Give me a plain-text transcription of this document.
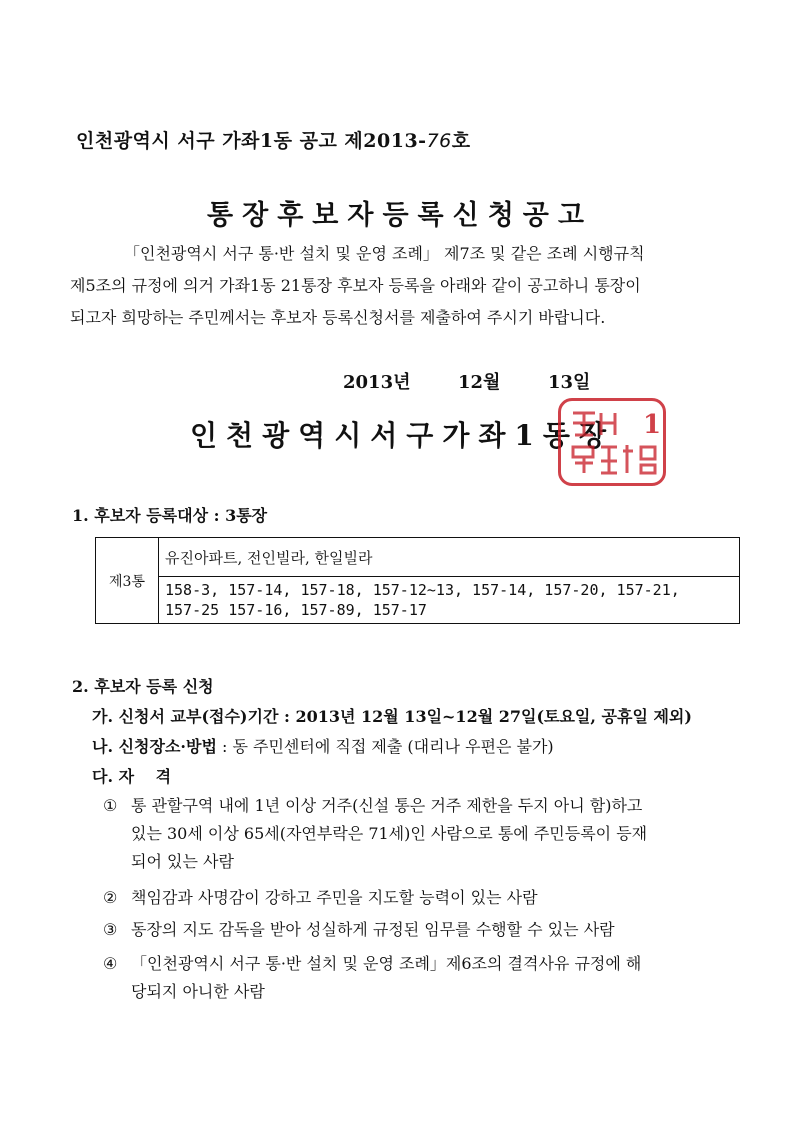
인천광역시 서구 가좌1동 공고 제2013-76호
통장후보자등록신청공고
「인천광역시 서구 통·반 설치 및 운영 조례」 제7조 및 같은 조례 시행규칙
제5조의 규정에 의거 가좌1동 21통장 후보자 등록을 아래와 같이 공고하니 통장이
되고자 희망하는 주민께서는 후보자 등록신청서를 제출하여 주시기 바랍니다.
2013년	12월	13일
인천광역시서구가좌1동장 1
1. 후보자 등록대상 : 3통장
제3통	유진아파트, 전인빌라, 한일빌라
158-3, 157-14, 157-18, 157-12~13, 157-14, 157-20, 157-21,
157-25 157-16, 157-89, 157-17
2. 후보자 등록 신청
가. 신청서 교부(접수)기간 : 2013년 12월 13일~12월 27일(토요일, 공휴일 제외)
나. 신청장소·방법 : 동 주민센터에 직접 제출 (대리나 우편은 불가)
다. 자　 격
① 통 관할구역 내에 1년 이상 거주(신설 통은 거주 제한을 두지 아니 함)하고
있는 30세 이상 65세(자연부락은 71세)인 사람으로 통에 주민등록이 등재
되어 있는 사람
② 책임감과 사명감이 강하고 주민을 지도할 능력이 있는 사람
③ 동장의 지도 감독을 받아 성실하게 규정된 임무를 수행할 수 있는 사람
④ 「인천광역시 서구 통·반 설치 및 운영 조례」제6조의 결격사유 규정에 해
당되지 아니한 사람
